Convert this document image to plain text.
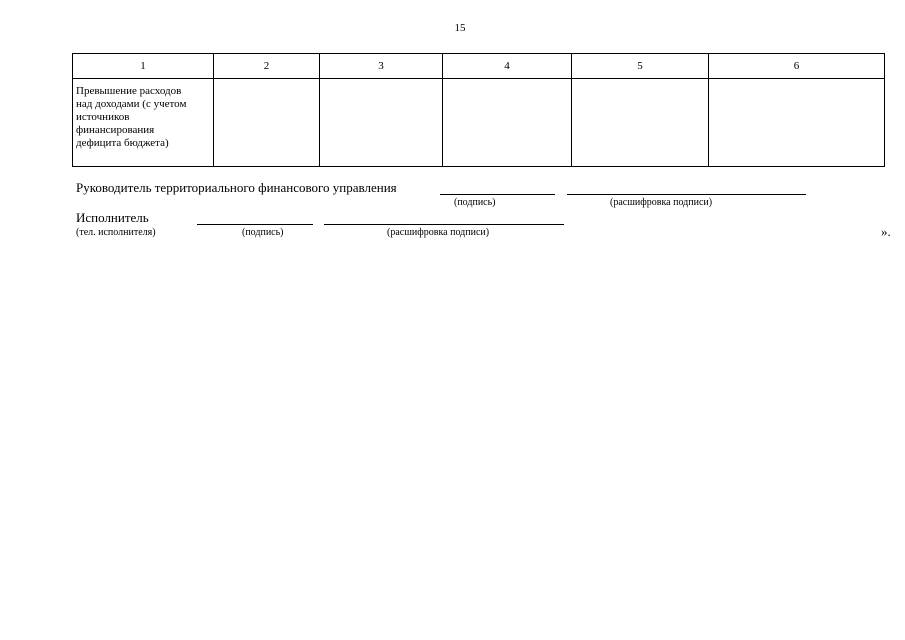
15
1	2	3	4	5	6

Превышение расходов
над доходами (с учетом
источников
финансирования
дефицита бюджета)					

Руководитель территориального финансового управления
(подпись)	(расшифровка подписи)
Исполнитель
(тел. исполнителя)	(подпись)	(расшифровка подписи)	».
